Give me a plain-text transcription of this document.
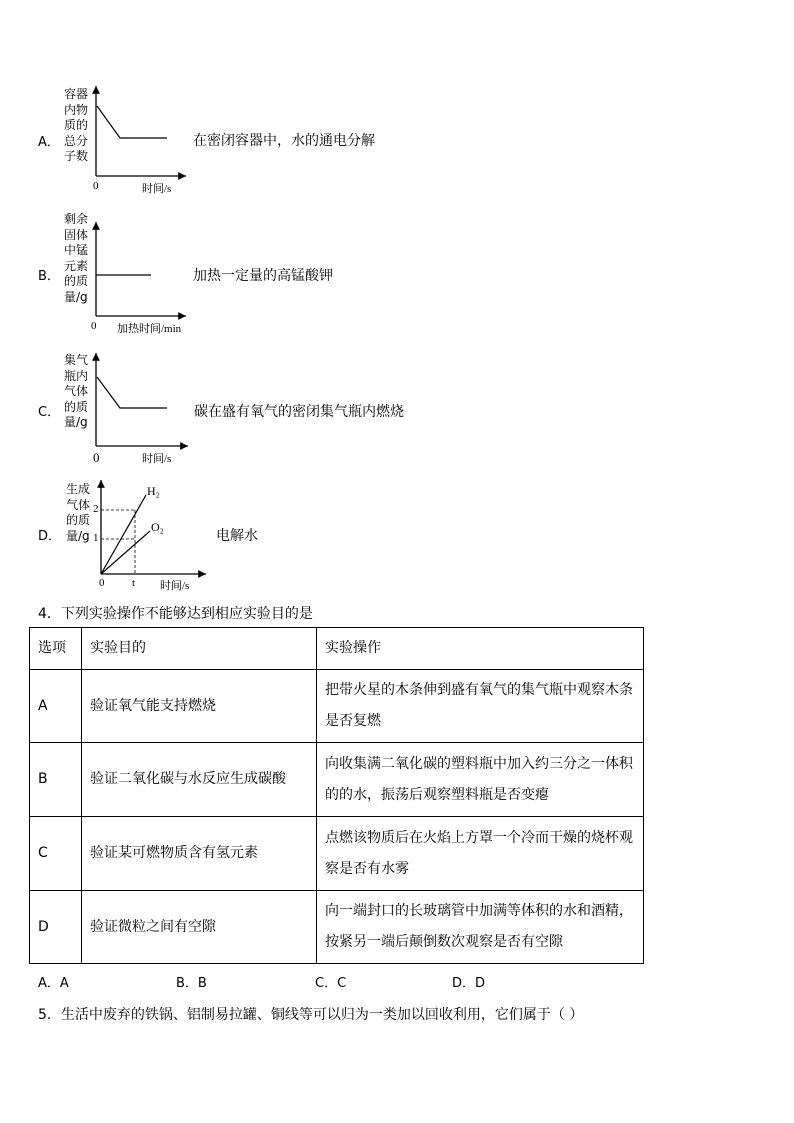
A．
容器
内物
质的
总分
子数
0	时间/s
在密闭容器中，水的通电分解
B．
剩余
固体
中锰
元素
的质
量/g
0 加热时间/min
加热一定量的高锰酸钾
C．
集气
瓶内
气体
的质
量/g
0	时间/s
碳在盛有氧气的密闭集气瓶内燃烧
D．
生成
气体
的质
量/g
2
1
H₂
O₂
0	t 时间/s
电解水
4．下列实验操作不能够达到相应实验目的是
选项	实验目的	实验操作
A	验证氧气能支持燃烧	把带火星的木条伸到盛有氧气的集气瓶中观察木条
是否复燃

B	验证二氧化碳与水反应生成碳酸	向收集满二氧化碳的塑料瓶中加入约三分之一体积
的的水，振荡后观察塑料瓶是否变瘪

C	验证某可燃物质含有氢元素	点燃该物质后在火焰上方罩一个冷而干燥的烧杯观
察是否有水雾

D	验证微粒之间有空隙	向一端封口的长玻璃管中加满等体积的水和酒精，
按紧另一端后颠倒数次观察是否有空隙
A．A	B．B	C．C	D．D
5．生活中废弃的铁锅、铝制易拉罐、铜线等可以归为一类加以回收利用，它们属于（ ）
